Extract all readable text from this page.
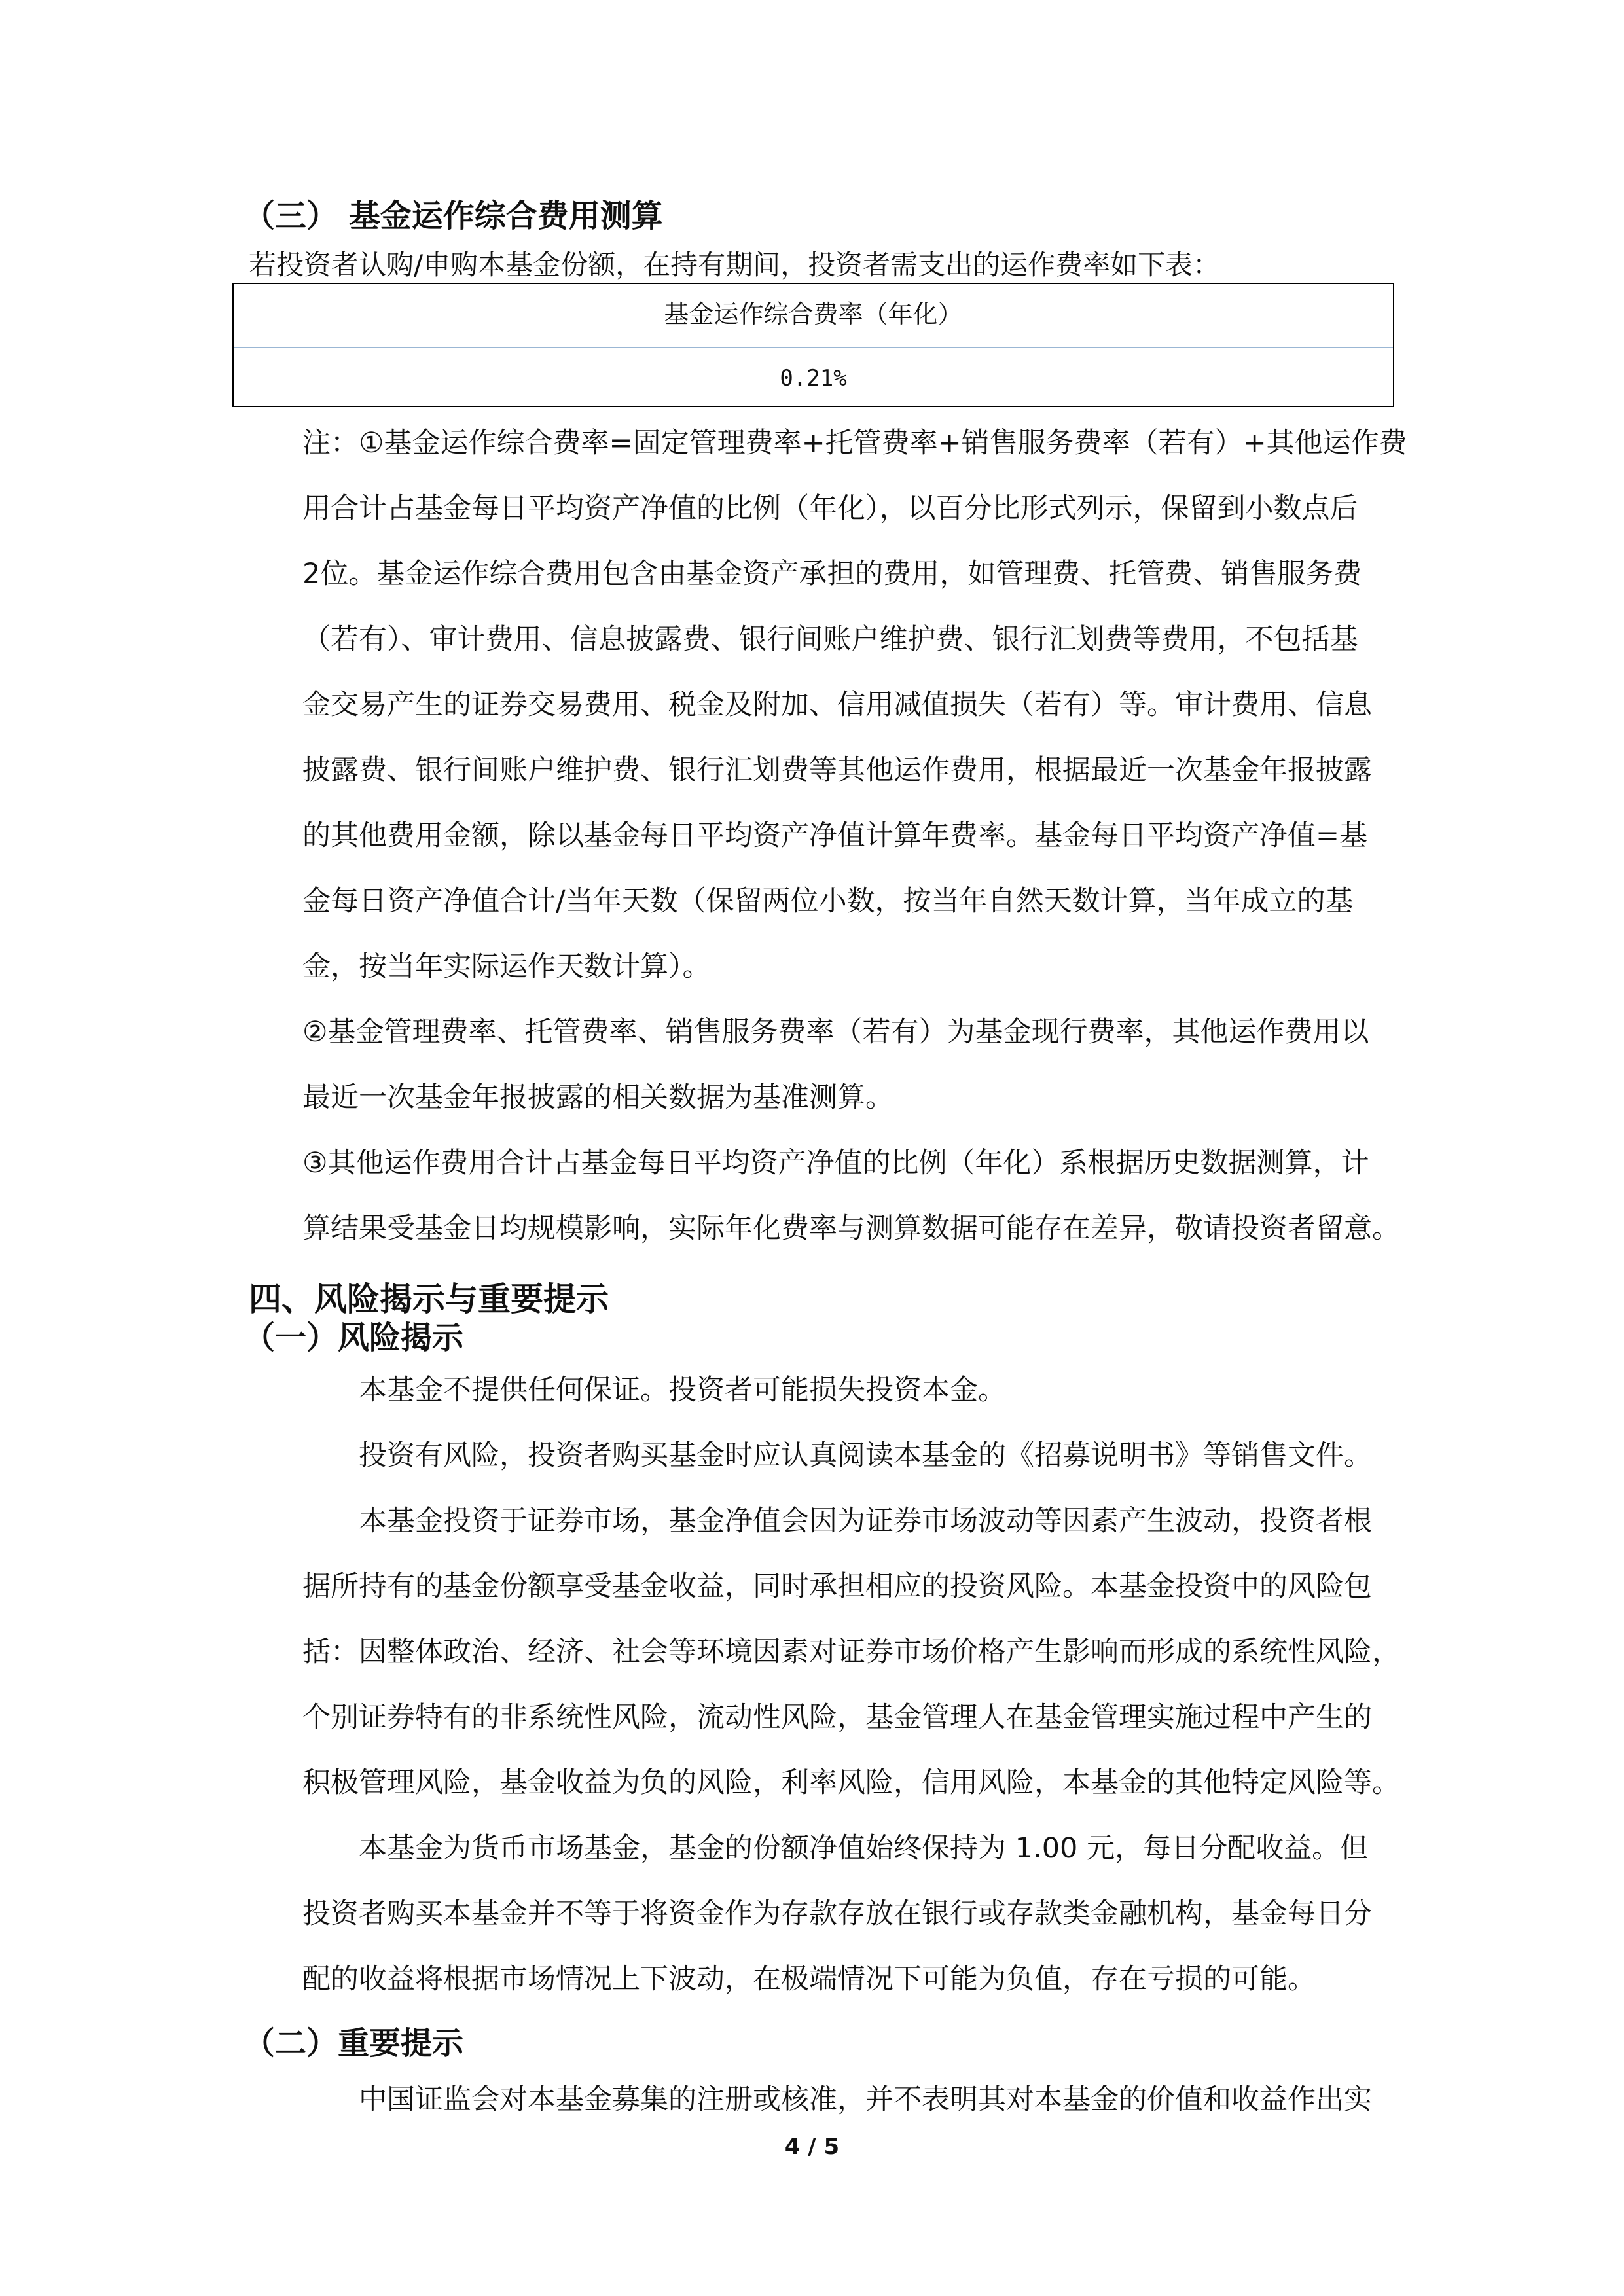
（三） 基金运作综合费用测算
若投资者认购/申购本基金份额，在持有期间，投资者需支出的运作费率如下表：
基金运作综合费率（年化）
0.21%
注：①基金运作综合费率=固定管理费率+托管费率+销售服务费率（若有）+其他运作费
用合计占基金每日平均资产净值的比例（年化），以百分比形式列示，保留到小数点后
2位。基金运作综合费用包含由基金资产承担的费用，如管理费、托管费、销售服务费
（若有）、审计费用、信息披露费、银行间账户维护费、银行汇划费等费用，不包括基
金交易产生的证券交易费用、税金及附加、信用减值损失（若有）等。审计费用、信息
披露费、银行间账户维护费、银行汇划费等其他运作费用，根据最近一次基金年报披露
的其他费用金额，除以基金每日平均资产净值计算年费率。基金每日平均资产净值=基
金每日资产净值合计/当年天数（保留两位小数，按当年自然天数计算，当年成立的基
金，按当年实际运作天数计算）。
②基金管理费率、托管费率、销售服务费率（若有）为基金现行费率，其他运作费用以
最近一次基金年报披露的相关数据为基准测算。
③其他运作费用合计占基金每日平均资产净值的比例（年化）系根据历史数据测算，计
算结果受基金日均规模影响，实际年化费率与测算数据可能存在差异，敬请投资者留意。
四、风险揭示与重要提示
（一）风险揭示
本基金不提供任何保证。投资者可能损失投资本金。
投资有风险，投资者购买基金时应认真阅读本基金的《招募说明书》等销售文件。
本基金投资于证券市场，基金净值会因为证券市场波动等因素产生波动，投资者根
据所持有的基金份额享受基金收益，同时承担相应的投资风险。本基金投资中的风险包
括：因整体政治、经济、社会等环境因素对证券市场价格产生影响而形成的系统性风险，
个别证券特有的非系统性风险，流动性风险，基金管理人在基金管理实施过程中产生的
积极管理风险，基金收益为负的风险，利率风险，信用风险，本基金的其他特定风险等。
本基金为货币市场基金，基金的份额净值始终保持为 1.00 元，每日分配收益。但
投资者购买本基金并不等于将资金作为存款存放在银行或存款类金融机构，基金每日分
配的收益将根据市场情况上下波动，在极端情况下可能为负值，存在亏损的可能。
（二）重要提示
中国证监会对本基金募集的注册或核准，并不表明其对本基金的价值和收益作出实
4 / 5
